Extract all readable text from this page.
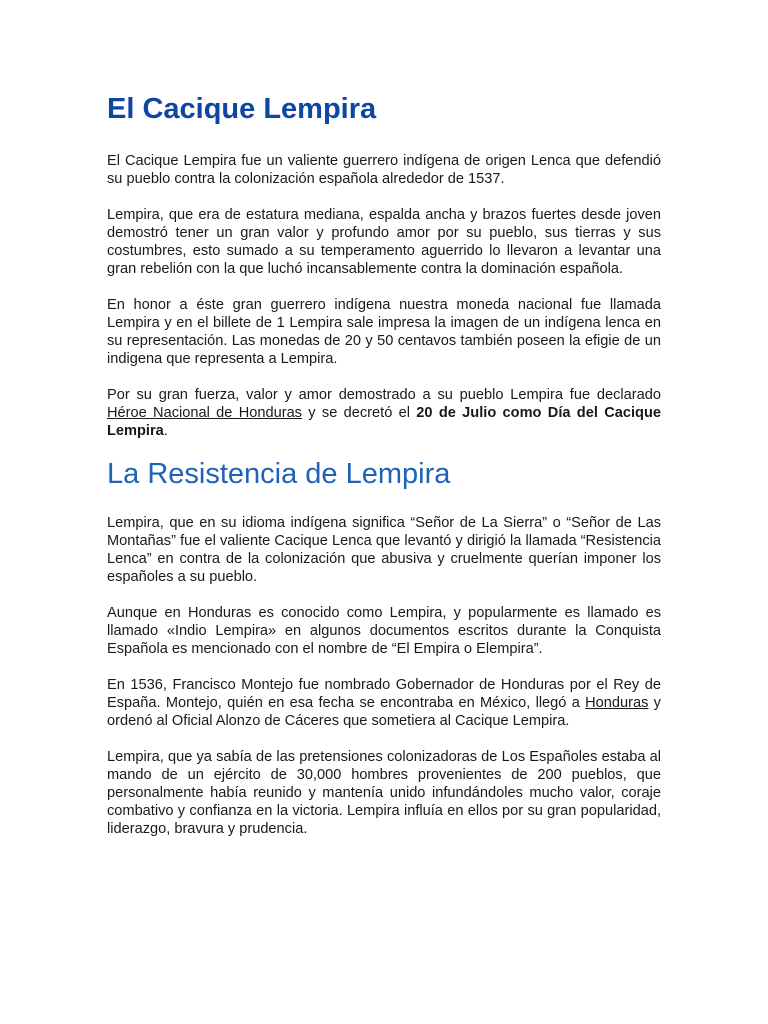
El Cacique Lempira

El Cacique Lempira fue un valiente guerrero indígena de origen Lenca que defendió su pueblo contra la colonización española alrededor de 1537.

Lempira, que era de estatura mediana, espalda ancha y brazos fuertes desde joven demostró tener un gran valor y profundo amor por su pueblo, sus tierras y sus costumbres, esto sumado a su temperamento aguerrido lo llevaron a levantar una gran rebelión con la que luchó incansablemente contra la dominación española.

En honor a éste gran guerrero indígena nuestra moneda nacional fue llamada Lempira y en el billete de 1 Lempira sale impresa la imagen de un indígena lenca en su representación. Las monedas de 20 y 50 centavos también poseen la efigie de un indigena que representa a Lempira.

Por su gran fuerza, valor y amor demostrado a su pueblo Lempira fue declarado Héroe Nacional de Honduras y se decretó el 20 de Julio como Día del Cacique Lempira.

La Resistencia de Lempira

Lempira, que en su idioma indígena significa “Señor de La Sierra” o “Señor de Las Montañas” fue el valiente Cacique Lenca que levantó y dirigió la llamada “Resistencia Lenca” en contra de la colonización que abusiva y cruelmente querían imponer los españoles a su pueblo.

Aunque en Honduras es conocido como Lempira, y popularmente es llamado es llamado «Indio Lempira» en algunos documentos escritos durante la Conquista Española es mencionado con el nombre de “El Empira o Elempira”.

En 1536, Francisco Montejo fue nombrado Gobernador de Honduras por el Rey de España. Montejo, quién en esa fecha se encontraba en México, llegó a Honduras y ordenó al Oficial Alonzo de Cáceres que sometiera al Cacique Lempira.

Lempira, que ya sabía de las pretensiones colonizadoras de Los Españoles estaba al mando de un ejército de 30,000 hombres provenientes de 200 pueblos, que personalmente había reunido y mantenía unido infundándoles mucho valor, coraje combativo y confianza en la victoria. Lempira influía en ellos por su gran popularidad, liderazgo, bravura y prudencia.
